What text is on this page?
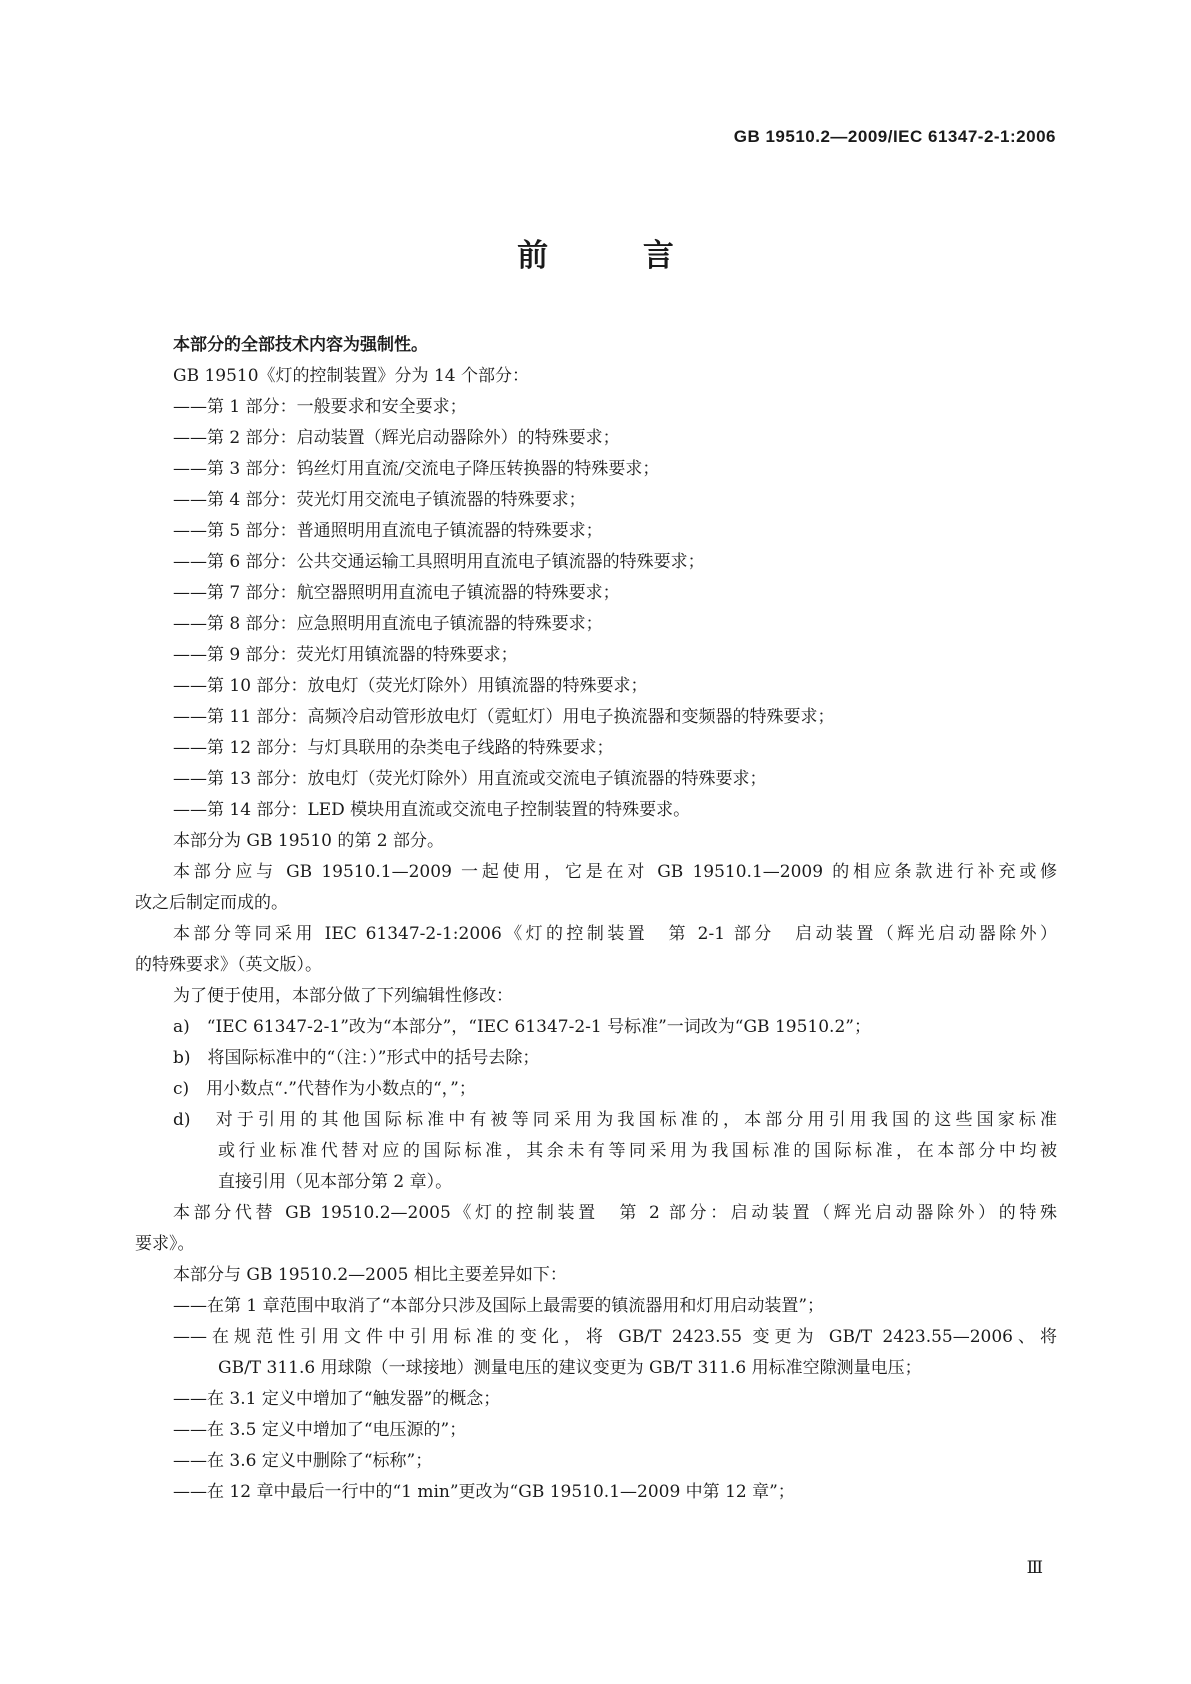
GB 19510.2—2009/IEC 61347-2-1:2006
前 言
本部分的全部技术内容为强制性。
GB 19510《灯的控制装置》分为 14 个部分：
——第 1 部分：一般要求和安全要求；
——第 2 部分：启动装置（辉光启动器除外）的特殊要求；
——第 3 部分：钨丝灯用直流/交流电子降压转换器的特殊要求；
——第 4 部分：荧光灯用交流电子镇流器的特殊要求；
——第 5 部分：普通照明用直流电子镇流器的特殊要求；
——第 6 部分：公共交通运输工具照明用直流电子镇流器的特殊要求；
——第 7 部分：航空器照明用直流电子镇流器的特殊要求；
——第 8 部分：应急照明用直流电子镇流器的特殊要求；
——第 9 部分：荧光灯用镇流器的特殊要求；
——第 10 部分：放电灯（荧光灯除外）用镇流器的特殊要求；
——第 11 部分：高频冷启动管形放电灯（霓虹灯）用电子换流器和变频器的特殊要求；
——第 12 部分：与灯具联用的杂类电子线路的特殊要求；
——第 13 部分：放电灯（荧光灯除外）用直流或交流电子镇流器的特殊要求；
——第 14 部分：LED 模块用直流或交流电子控制装置的特殊要求。
本部分为 GB 19510 的第 2 部分。
本部分应与 GB 19510.1—2009 一起使用，它是在对 GB 19510.1—2009 的相应条款进行补充或修
改之后制定而成的。
本部分等同采用 IEC 61347-2-1:2006《灯的控制装置　第 2-1 部分　启动装置（辉光启动器除外）
的特殊要求》（英文版）。
为了便于使用，本部分做了下列编辑性修改：
a)　“IEC 61347-2-1”改为“本部分”，“IEC 61347-2-1 号标准”一词改为“GB 19510.2”；
b)　将国际标准中的“（注：）”形式中的括号去除；
c)　用小数点“.”代替作为小数点的“，”；
d)　对于引用的其他国际标准中有被等同采用为我国标准的，本部分用引用我国的这些国家标准
或行业标准代替对应的国际标准，其余未有等同采用为我国标准的国际标准，在本部分中均被
直接引用（见本部分第 2 章）。
本部分代替 GB 19510.2—2005《灯的控制装置　第 2 部分：启动装置（辉光启动器除外）的特殊
要求》。
本部分与 GB 19510.2—2005 相比主要差异如下：
——在第 1 章范围中取消了“本部分只涉及国际上最需要的镇流器用和灯用启动装置”；
——在规范性引用文件中引用标准的变化，将 GB/T 2423.55 变更为 GB/T 2423.55—2006、将
GB/T 311.6 用球隙（一球接地）测量电压的建议变更为 GB/T 311.6 用标准空隙测量电压；
——在 3.1 定义中增加了“触发器”的概念；
——在 3.5 定义中增加了“电压源的”；
——在 3.6 定义中删除了“标称”；
——在 12 章中最后一行中的“1 min”更改为“GB 19510.1—2009 中第 12 章”；
Ⅲ
